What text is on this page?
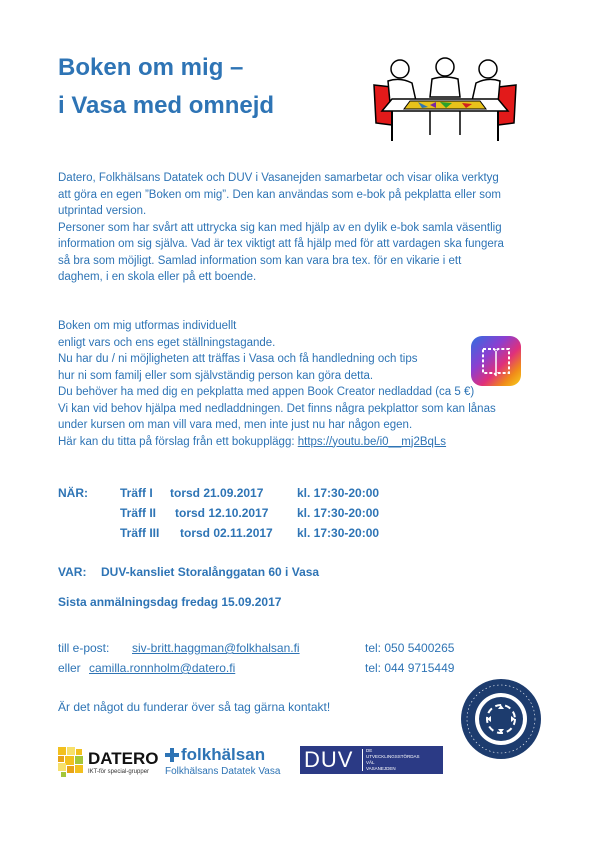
Boken om mig –
i Vasa med omnejd
Datero, Folkhälsans Datatek och DUV i Vasanejden samarbetar och visar olika verktyg
att göra en egen ”Boken om mig”. Den kan användas som e-bok på pekplatta eller som
utprintad version.
Personer som har svårt att uttrycka sig kan med hjälp av en dylik e-bok samla väsentlig
information om sig själva. Vad är tex viktigt att få hjälp med för att vardagen ska fungera
så bra som möjligt. Samlad information som kan vara bra tex. för en vikarie i ett
daghem, i en skola eller på ett boende.
Boken om mig utformas individuellt
enligt vars och ens eget ställningstagande.
Nu har du / ni möjligheten att träffas i Vasa och få handledning och tips
hur ni som familj eller som självständig person kan göra detta.
Du behöver ha med dig en pekplatta med appen Book Creator nedladdad (ca 5 €)
Vi kan vid behov hjälpa med nedladdningen. Det finns några pekplattor som kan lånas
under kursen om man vill vara med, men inte just nu har någon egen.
Här kan du titta på förslag från ett bokupplägg: https://youtu.be/i0__mj2BqLs
NÄR:	Träff I torsd 21.09.2017	kl. 17:30-20:00
Träff II torsd 12.10.2017 kl. 17:30-20:00
Träff III torsd 02.11.2017 kl. 17:30-20:00
VAR: DUV-kansliet Storalånggatan 60 i Vasa
Sista anmälningsdag fredag 15.09.2017
till e-post: siv-britt.haggman@folkhalsan.fi	tel: 050 5400265
eller camilla.ronnholm@datero.fi	tel: 044 9715449
Är det något du funderar över så tag gärna kontakt!
DATERO
IKT-för special-grupper
folkhälsan
Folkhälsans Datatek Vasa DUV	DE
UTVECKLINGSSTÖRDAS
VÄL
VASANEJDEN
